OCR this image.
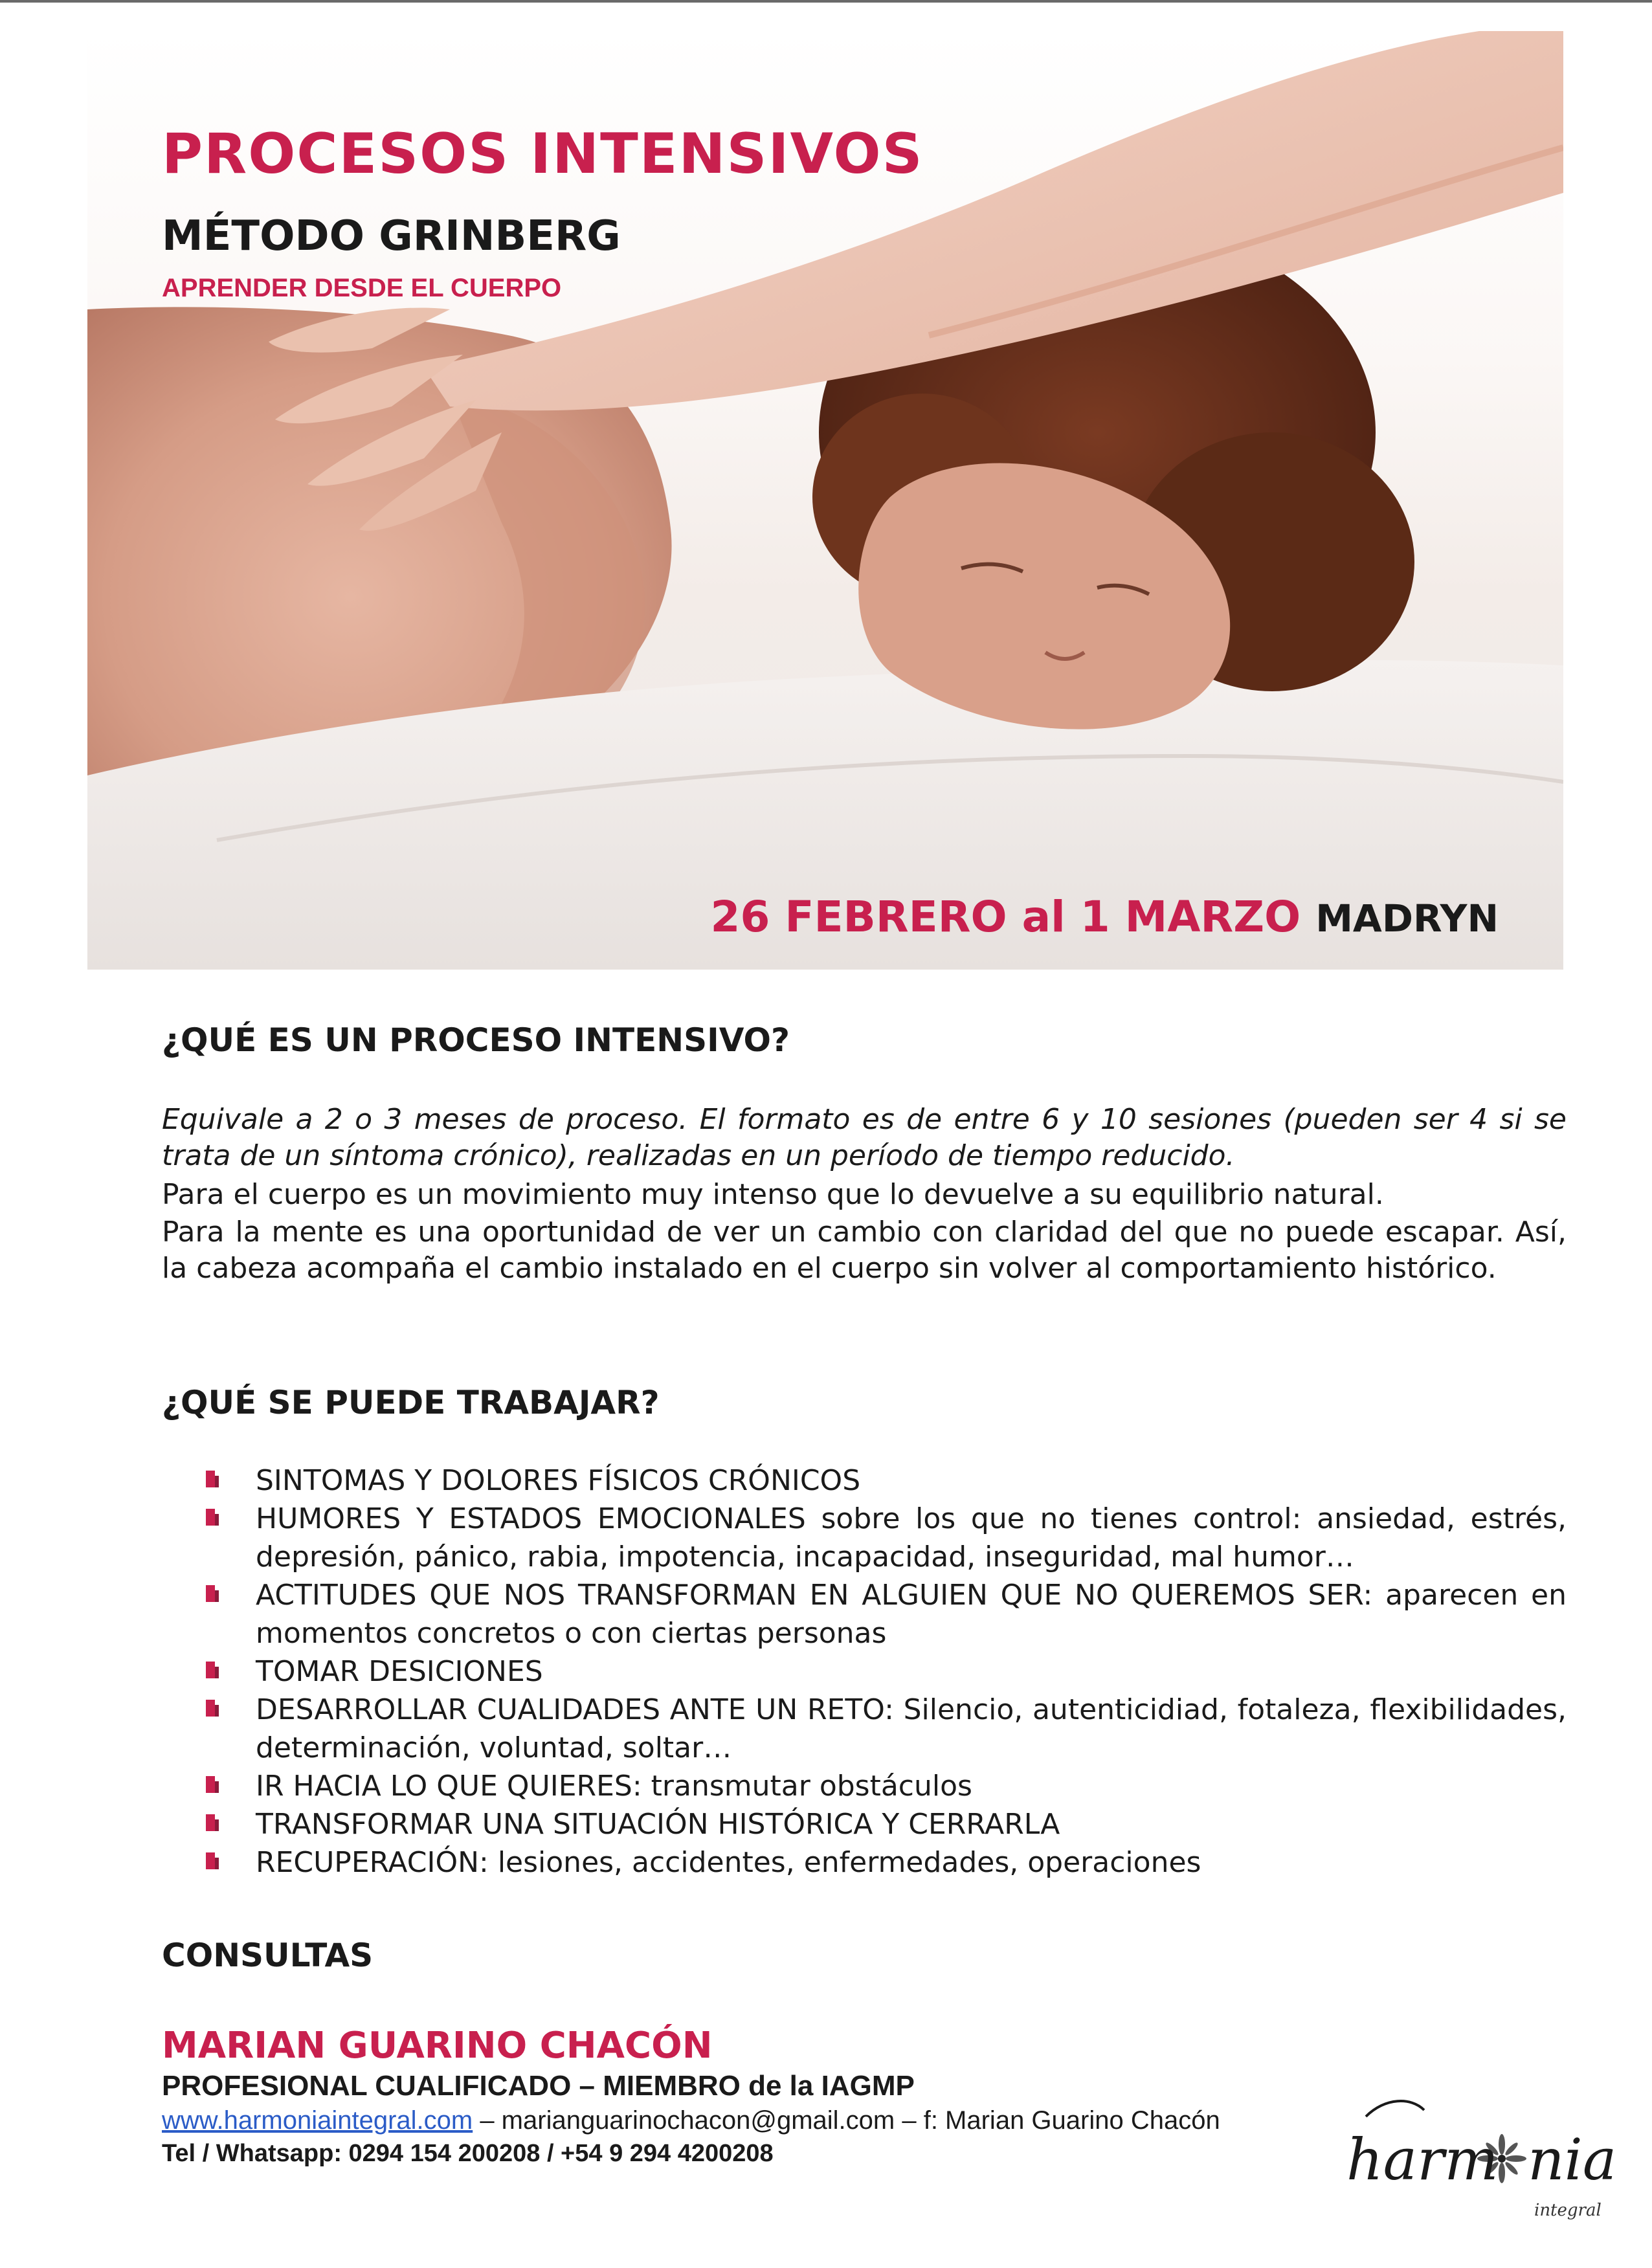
PROCESOS INTENSIVOS
MÉTODO GRINBERG
APRENDER DESDE EL CUERPO
26 FEBRERO al 1 MARZO MADRYN
¿QUÉ ES UN PROCESO INTENSIVO?

Equivale a 2 o 3 meses de proceso. El formato es de entre 6 y 10 sesiones (pueden ser 4 si se trata de un síntoma crónico), realizadas en un período de tiempo reducido.

Para el cuerpo es un movimiento muy intenso que lo devuelve a su equilibrio natural.

Para la mente es una oportunidad de ver un cambio con claridad del que no puede escapar. Así, la cabeza acompaña el cambio instalado en el cuerpo sin volver al comportamiento histórico.

¿QUÉ SE PUEDE TRABAJAR?
SINTOMAS Y DOLORES FÍSICOS CRÓNICOS
HUMORES Y ESTADOS EMOCIONALES sobre los que no tienes control: ansiedad, estrés, depresión, pánico, rabia, impotencia, incapacidad, inseguridad, mal humor…
ACTITUDES QUE NOS TRANSFORMAN EN ALGUIEN QUE NO QUEREMOS SER: aparecen en momentos concretos o con ciertas personas
TOMAR DESICIONES
DESARROLLAR CUALIDADES ANTE UN RETO: Silencio, autenticidiad, fotaleza, flexibilidades, determinación, voluntad, soltar…
IR HACIA LO QUE QUIERES: transmutar obstáculos
TRANSFORMAR UNA SITUACIÓN HISTÓRICA Y CERRARLA
RECUPERACIÓN: lesiones, accidentes, enfermedades, operaciones
CONSULTAS
MARIAN GUARINO CHACÓN
PROFESIONAL CUALIFICADO – MIEMBRO de la IAGMP
www.harmoniaintegral.com – marianguarinochacon@gmail.com – f: Marian Guarino Chacón
Tel / Whatsapp: 0294 154 200208 / +54 9 294 4200208	harm nia
integral
